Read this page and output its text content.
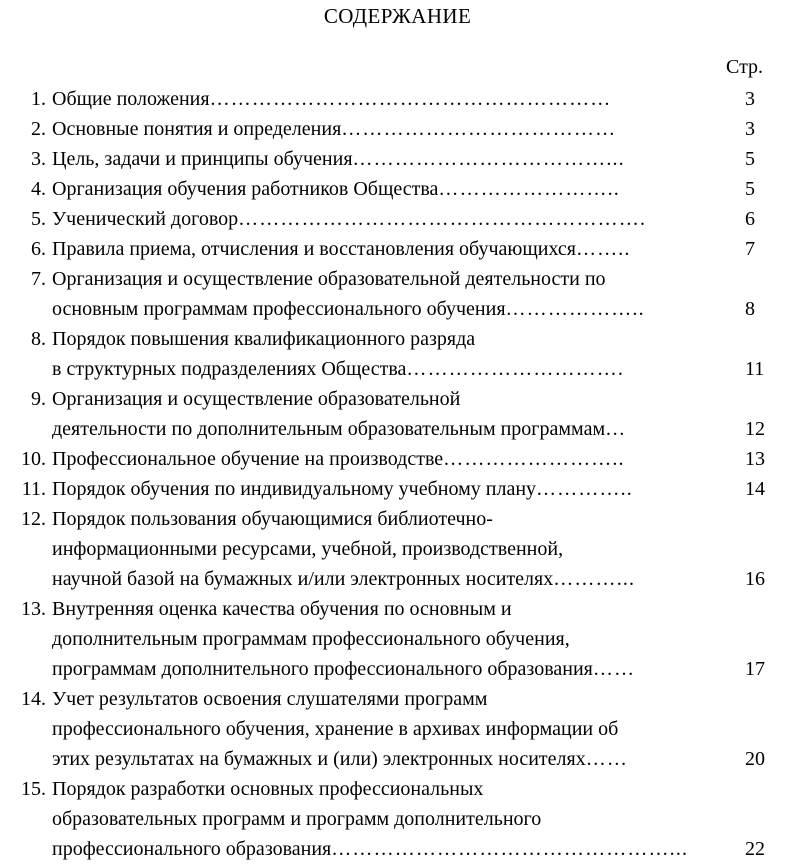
СОДЕРЖАНИЕ
Стр.
1. Общие положения…………………………………………………	3
2. Основные понятия и определения…………………………………	3
3. Цель, задачи и принципы обучения………………………………...	5
4. Организация обучения работников Общества……………………..	5
5. Ученический договор………………………………………………….	6
6. Правила приема, отчисления и восстановления обучающихся……..	7
7. Организация и осуществление образовательной деятельности по
основным программам профессионального обучения………………..	8
8. Порядок повышения квалификационного разряда
в структурных подразделениях Общества………………………….	11
9. Организация и осуществление образовательной
деятельности по дополнительным образовательным программам…	12
10. Профессиональное обучение на производстве……………………..	13
11. Порядок обучения по индивидуальному учебному плану…………..	14
12. Порядок пользования обучающимися библиотечно-
информационными ресурсами, учебной, производственной,
научной базой на бумажных и/или электронных носителях………...	16
13. Внутренняя оценка качества обучения по основным и
дополнительным программам профессионального обучения,
программам дополнительного профессионального образования……	17
14. Учет результатов освоения слушателями программ
профессионального обучения, хранение в архивах информации об
этих результатах на бумажных и (или) электронных носителях……	20
15. Порядок разработки основных профессиональных
образовательных программ и программ дополнительного
профессионального образования…………………………………………...	22
